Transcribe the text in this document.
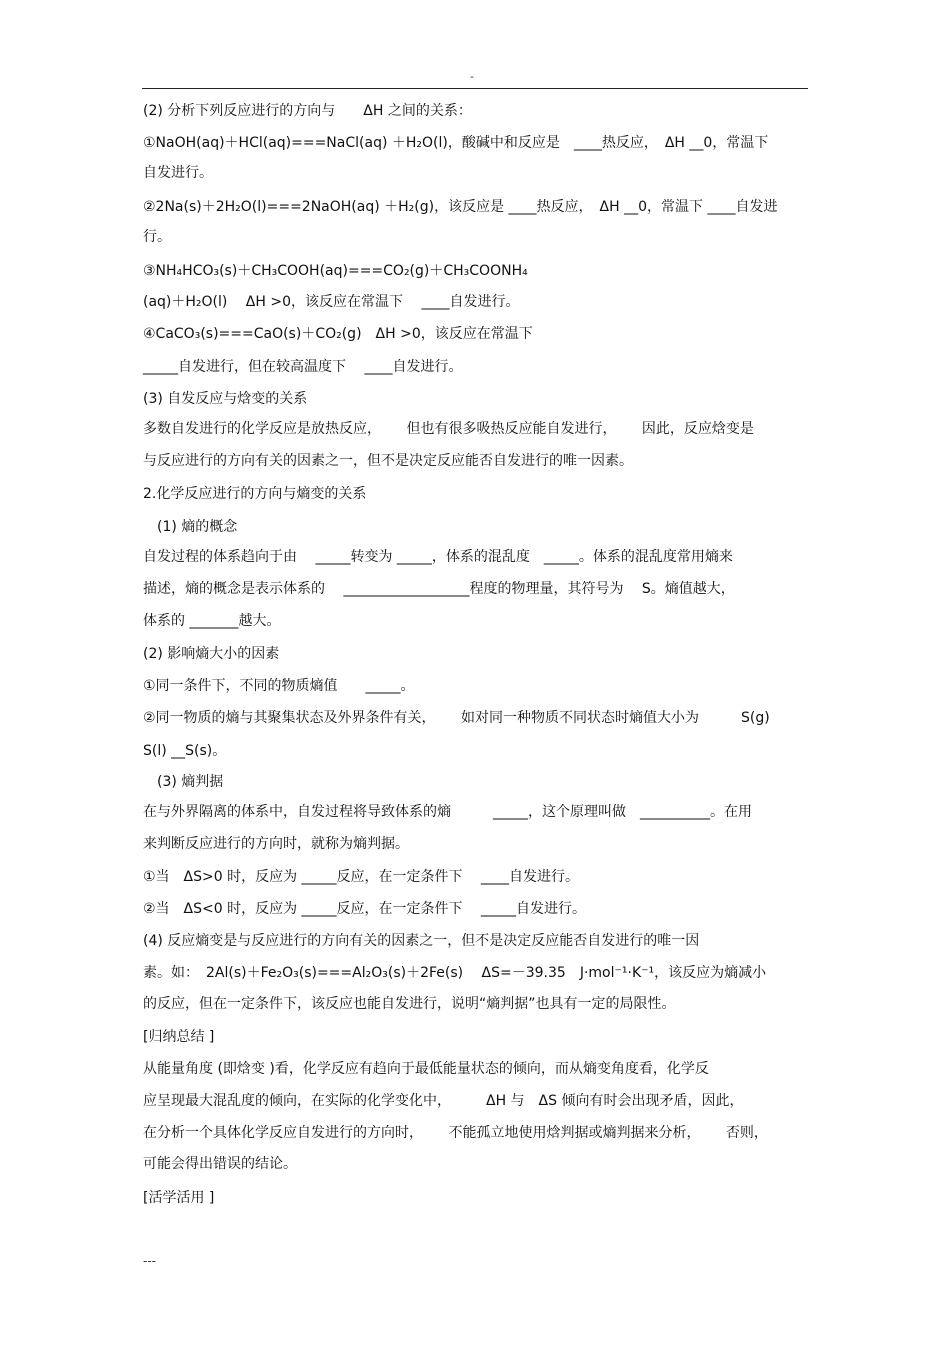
-
(2) 分析下列反应进行的方向与　　ΔH 之间的关系：
①NaOH(aq)＋HCl(aq)===NaCl(aq) ＋H₂O(l)，酸碱中和反应是　____热反应，　ΔH __0，常温下
自发进行。
②2Na(s)＋2H₂O(l)===2NaOH(aq) ＋H₂(g)，该反应是 ____热反应，　ΔH __0，常温下 ____自发进
行。
③NH₄HCO₃(s)＋CH₃COOH(aq)===CO₂(g)＋CH₃COONH₄
(aq)＋H₂O(l)　 ΔH >0，该反应在常温下　 ____自发进行。
④CaCO₃(s)===CaO(s)＋CO₂(g)　ΔH >0，该反应在常温下
_____自发进行，但在较高温度下　 ____自发进行。
(3) 自发反应与焓变的关系
多数自发进行的化学反应是放热反应，　　 但也有很多吸热反应能自发进行，　　 因此，反应焓变是
与反应进行的方向有关的因素之一，但不是决定反应能否自发进行的唯一因素。
2.化学反应进行的方向与熵变的关系
　(1) 熵的概念
自发过程的体系趋向于由　 _____转变为 _____，体系的混乱度　_____。体系的混乱度常用熵来
描述，熵的概念是表示体系的　 __________________程度的物理量，其符号为　 S。熵值越大，
体系的 _______越大。
(2) 影响熵大小的因素
①同一条件下，不同的物质熵值　　_____。
②同一物质的熵与其聚集状态及外界条件有关，　　 如对同一种物质不同状态时熵值大小为　　　S(g)
S(l) __S(s)。
　(3) 熵判据
在与外界隔离的体系中，自发过程将导致体系的熵　　　_____，这个原理叫做　__________。在用
来判断反应进行的方向时，就称为熵判据。
①当　ΔS>0 时，反应为 _____反应，在一定条件下　 ____自发进行。
②当　ΔS<0 时，反应为 _____反应，在一定条件下　 _____自发进行。
(4) 反应熵变是与反应进行的方向有关的因素之一，但不是决定反应能否自发进行的唯一因
素。如：　2Al(s)＋Fe₂O₃(s)===Al₂O₃(s)＋2Fe(s)　 ΔS=－39.35　J·mol⁻¹·K⁻¹，该反应为熵减小
的反应，但在一定条件下，该反应也能自发进行，说明“熵判据”也具有一定的局限性。
[归纳总结 ]
从能量角度 (即焓变 )看，化学反应有趋向于最低能量状态的倾向，而从熵变角度看，化学反
应呈现最大混乱度的倾向，在实际的化学变化中，　　　ΔH 与　ΔS 倾向有时会出现矛盾，因此，
在分析一个具体化学反应自发进行的方向时，　　 不能孤立地使用焓判据或熵判据来分析，　　 否则，
可能会得出错误的结论。
[活学活用 ]
---
